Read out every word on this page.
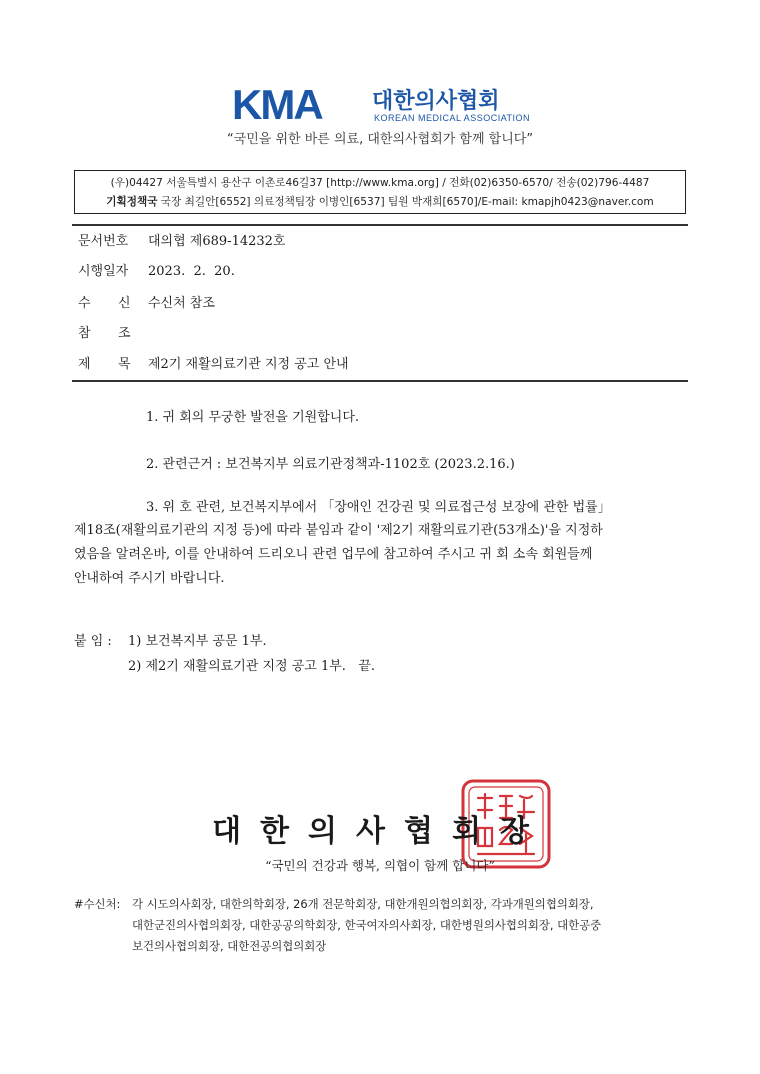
KMA 대한의사협회
KOREAN MEDICAL ASSOCIATION
“국민을 위한 바른 의료, 대한의사협회가 함께 합니다”
(우)04427 서울특별시 용산구 이촌로46길37 [http://www.kma.org] / 전화(02)6350-6570/ 전송(02)796-4487
기획정책국 국장 최길안[6552] 의료정책팀장 이병인[6537] 팀원 박재희[6570]/E-mail: kmapjh0423@naver.com
문서번호 대의협 제689-14232호
시행일자 2023.  2.  20.
수 신 수신처 참조
참 조
제 목 제2기 재활의료기관 지정 공고 안내
1. 귀 회의 무궁한 발전을 기원합니다.
2. 관련근거 : 보건복지부 의료기관정책과-1102호 (2023.2.16.)
3. 위 호 관련, 보건복지부에서 「장애인 건강권 및 의료접근성 보장에 관한 법률」
제18조(재활의료기관의 지정 등)에 따라 붙임과 같이 '제2기 재활의료기관(53개소)'을 지정하
였음을 알려온바, 이를 안내하여 드리오니 관련 업무에 참고하여 주시고 귀 회 소속 회원들께
안내하여 주시기 바랍니다.
붙 임 : 1) 보건복지부 공문 1부.
2) 제2기 재활의료기관 지정 공고 1부.   끝.
대한의사협회장
“국민의 건강과 행복, 의협이 함께 합니다”
#수신처: 각 시도의사회장, 대한의학회장, 26개 전문학회장, 대한개원의협의회장, 각과개원의협의회장,
대한군진의사협의회장, 대한공공의학회장, 한국여자의사회장, 대한병원의사협의회장, 대한공중
보건의사협의회장, 대한전공의협의회장
